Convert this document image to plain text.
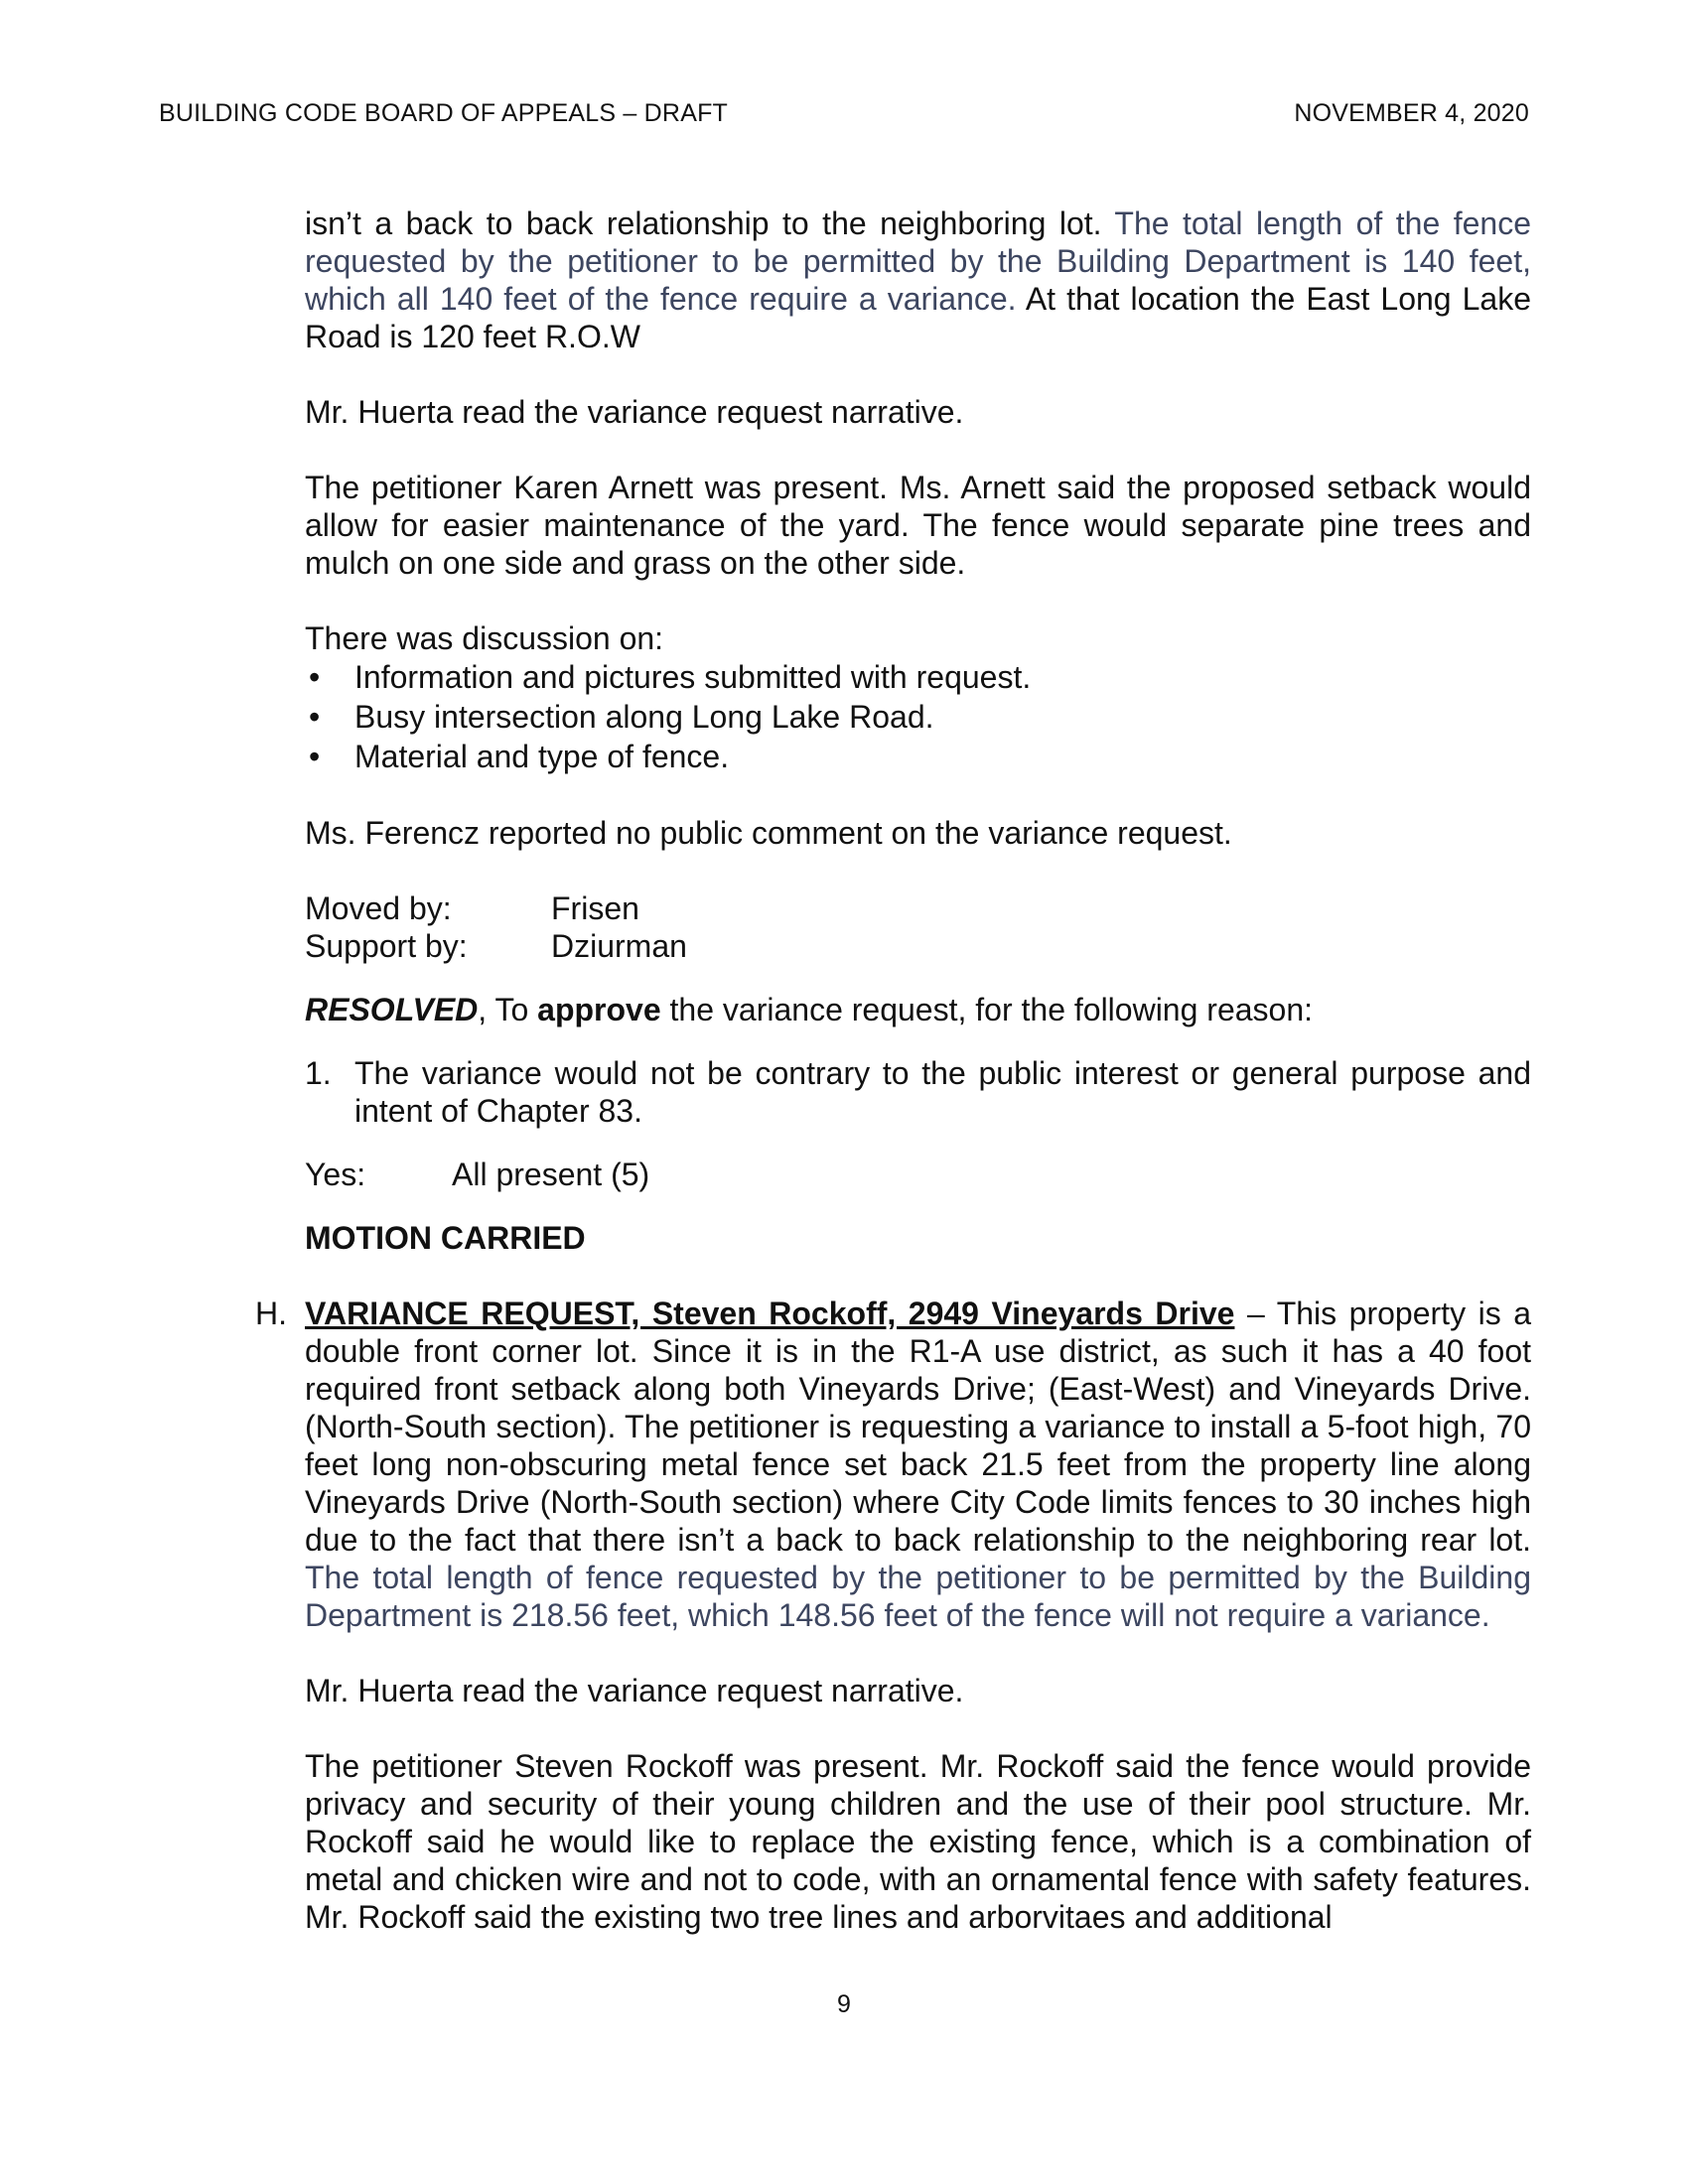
BUILDING CODE BOARD OF APPEALS – DRAFT	NOVEMBER 4, 2020

isn’t a back to back relationship to the neighboring lot. The total length of the fence requested by the petitioner to be permitted by the Building Department is 140 feet, which all 140 feet of the fence require a variance. At that location the East Long Lake Road is 120 feet R.O.W

Mr. Huerta read the variance request narrative.

The petitioner Karen Arnett was present. Ms. Arnett said the proposed setback would allow for easier maintenance of the yard. The fence would separate pine trees and mulch on one side and grass on the other side.

There was discussion on:

• Information and pictures submitted with request.
• Busy intersection along Long Lake Road.
• Material and type of fence.

Ms. Ferencz reported no public comment on the variance request.

Moved by:	Frisen
Support by:	Dziurman

RESOLVED, To approve the variance request, for the following reason:

1. The variance would not be contrary to the public interest or general purpose and intent of Chapter 83.
Yes:	All present (5)

MOTION CARRIED

H. VARIANCE REQUEST, Steven Rockoff, 2949 Vineyards Drive – This property is a double front corner lot. Since it is in the R1-A use district, as such it has a 40 foot required front setback along both Vineyards Drive; (East-West) and Vineyards Drive. (North-South section). The petitioner is requesting a variance to install a 5-foot high, 70 feet long non-obscuring metal fence set back 21.5 feet from the property line along Vineyards Drive (North-South section) where City Code limits fences to 30 inches high due to the fact that there isn’t a back to back relationship to the neighboring rear lot. The total length of fence requested by the petitioner to be permitted by the Building Department is 218.56 feet, which 148.56 feet of the fence will not require a variance.

Mr. Huerta read the variance request narrative.

The petitioner Steven Rockoff was present. Mr. Rockoff said the fence would provide privacy and security of their young children and the use of their pool structure. Mr. Rockoff said he would like to replace the existing fence, which is a combination of metal and chicken wire and not to code, with an ornamental fence with safety features. Mr. Rockoff said the existing two tree lines and arborvitaes and additional

9
